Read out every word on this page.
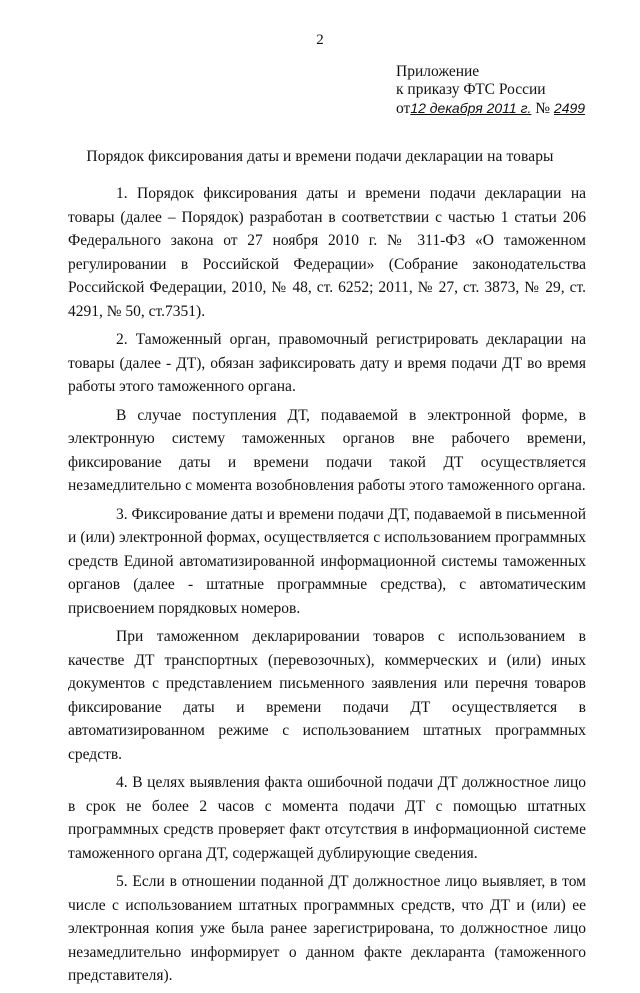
2
Приложение
к приказу ФТС России
от12 декабря 2011 г. № 2499
Порядок фиксирования даты и времени подачи декларации на товары

1. Порядок фиксирования даты и времени подачи декларации на товары (далее – Порядок) разработан в соответствии с частью 1 статьи 206 Федерального закона от 27 ноября 2010 г. № 311-ФЗ «О таможенном регулировании в Российской Федерации» (Собрание законодательства Российской Федерации, 2010, № 48, ст. 6252; 2011, № 27, ст. 3873, № 29, ст. 4291, № 50, ст.7351).

2. Таможенный орган, правомочный регистрировать декларации на товары (далее - ДТ), обязан зафиксировать дату и время подачи ДТ во время работы этого таможенного органа.

В случае поступления ДТ, подаваемой в электронной форме, в электронную систему таможенных органов вне рабочего времени, фиксирование даты и времени подачи такой ДТ осуществляется незамедлительно с момента возобновления работы этого таможенного органа.

3. Фиксирование даты и времени подачи ДТ, подаваемой в письменной и (или) электронной формах, осуществляется с использованием программных средств Единой автоматизированной информационной системы таможенных органов (далее - штатные программные средства), с автоматическим присвоением порядковых номеров.

При таможенном декларировании товаров с использованием в качестве ДТ транспортных (перевозочных), коммерческих и (или) иных документов с представлением письменного заявления или перечня товаров фиксирование даты и времени подачи ДТ осуществляется в автоматизированном режиме с использованием штатных программных средств.

4. В целях выявления факта ошибочной подачи ДТ должностное лицо в срок не более 2 часов с момента подачи ДТ с помощью штатных программных средств проверяет факт отсутствия в информационной системе таможенного органа ДТ, содержащей дублирующие сведения.

5. Если в отношении поданной ДТ должностное лицо выявляет, в том числе с использованием штатных программных средств, что ДТ и (или) ее электронная копия уже была ранее зарегистрирована, то должностное лицо незамедлительно информирует о данном факте декларанта (таможенного представителя).
